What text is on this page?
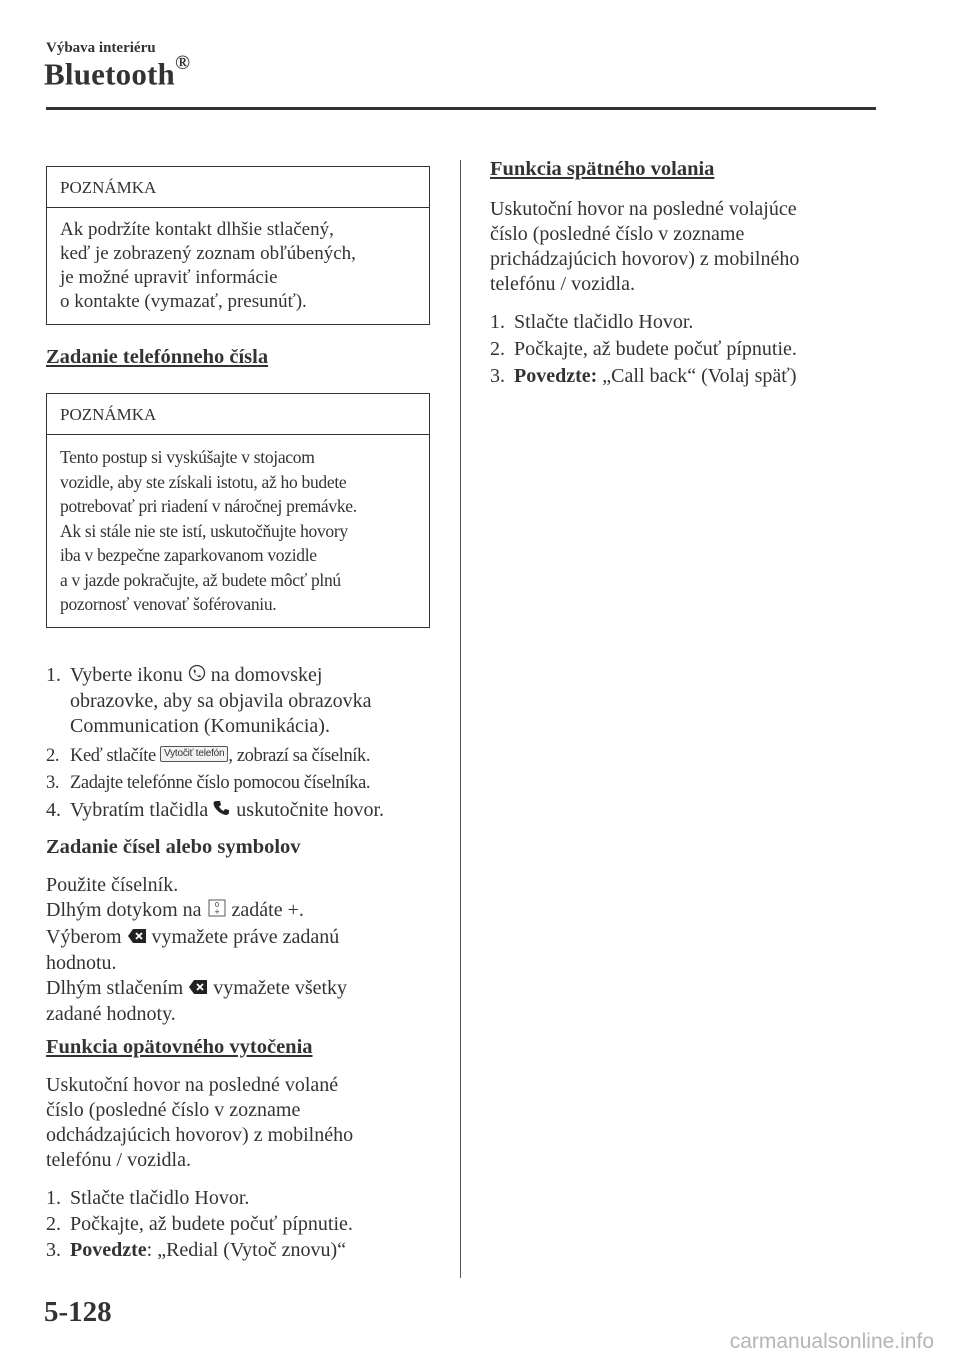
Výbava interiéru
Bluetooth®
POZNÁMKA
Ak podržíte kontakt dlhšie stlačený,
keď je zobrazený zoznam obľúbených,
je možné upraviť informácie
o kontakte (vymazať, presunúť).
Zadanie telefónneho čísla
POZNÁMKA
Tento postup si vyskúšajte v stojacom
vozidle, aby ste získali istotu, až ho budete
potrebovať pri riadení v náročnej premávke.
Ak si stále nie ste istí, uskutočňujte hovory
iba v bezpečne zaparkovanom vozidle
a v jazde pokračujte, až budete môcť plnú
pozornosť venovať šoférovaniu.
1. Vyberte ikonu na domovskej
obrazovke, aby sa objavila obrazovka
Communication (Komunikácia).
2. Keď stlačíte Vytočiť telefón , zobrazí sa číselník.
3. Zadajte telefónne číslo pomocou číselníka.
4. Vybratím tlačidla uskutočnite hovor.
Zadanie čísel alebo symbolov
Použite číselník.
Dlhým dotykom na 0
+ zadáte +.
Výberom vymažete práve zadanú
hodnotu.
Dlhým stlačením vymažete všetky
zadané hodnoty.
Funkcia opätovného vytočenia
Uskutoční hovor na posledné volané
číslo (posledné číslo v zozname
odchádzajúcich hovorov) z mobilného
telefónu / vozidla.
1. Stlačte tlačidlo Hovor.
2. Počkajte, až budete počuť pípnutie.
3. Povedzte: „Redial (Vytoč znovu)“
Funkcia spätného volania
Uskutoční hovor na posledné volajúce
číslo (posledné číslo v zozname
prichádzajúcich hovorov) z mobilného
telefónu / vozidla.
1. Stlačte tlačidlo Hovor.
2. Počkajte, až budete počuť pípnutie.
3. Povedzte: „Call back“ (Volaj späť)
5-128
carmanualsonline.info
